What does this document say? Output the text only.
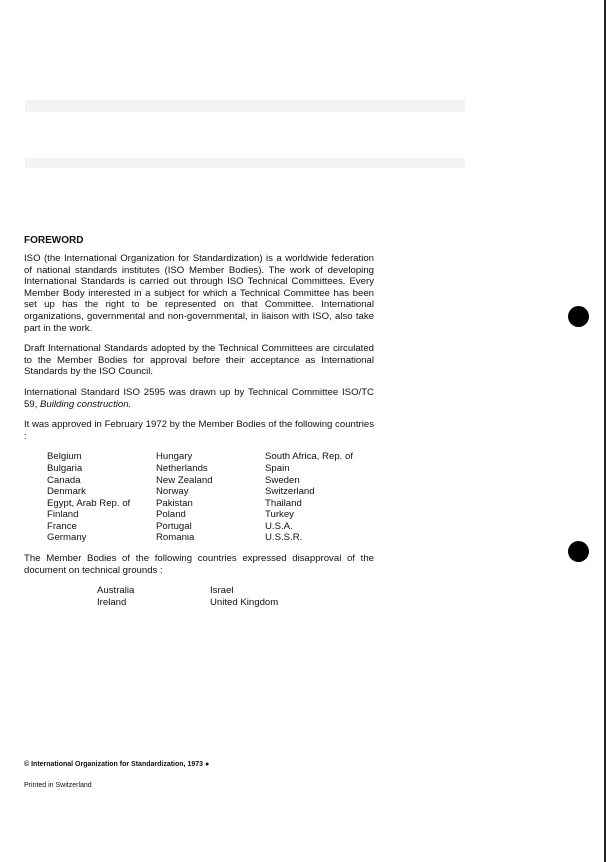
FOREWORD
ISO (the International Organization for Standardization) is a worldwide federation of national standards institutes (ISO Member Bodies). The work of developing International Standards is carried out through ISO Technical Committees. Every Member Body interested in a subject for which a Technical Committee has been set up has the right to be represented on that Committee. International organizations, governmental and non-governmental, in liaison with ISO, also take part in the work.
Draft International Standards adopted by the Technical Committees are circulated to the Member Bodies for approval before their acceptance as International Standards by the ISO Council.
International Standard ISO 2595 was drawn up by Technical Committee ISO/TC 59, Building construction.
It was approved in February 1972 by the Member Bodies of the following countries :
Belgium
Bulgaria
Canada
Denmark
Egypt, Arab Rep. of
Finland
France
Germany
Hungary
Netherlands
New Zealand
Norway
Pakistan
Poland
Portugal
Romania
South Africa, Rep. of
Spain
Sweden
Switzerland
Thailand
Turkey
U.S.A.
U.S.S.R.
The Member Bodies of the following countries expressed disapproval of the document on technical grounds :
Australia
Ireland
Israel
United Kingdom
© International Organization for Standardization, 1973 ●
Printed in Switzerland
